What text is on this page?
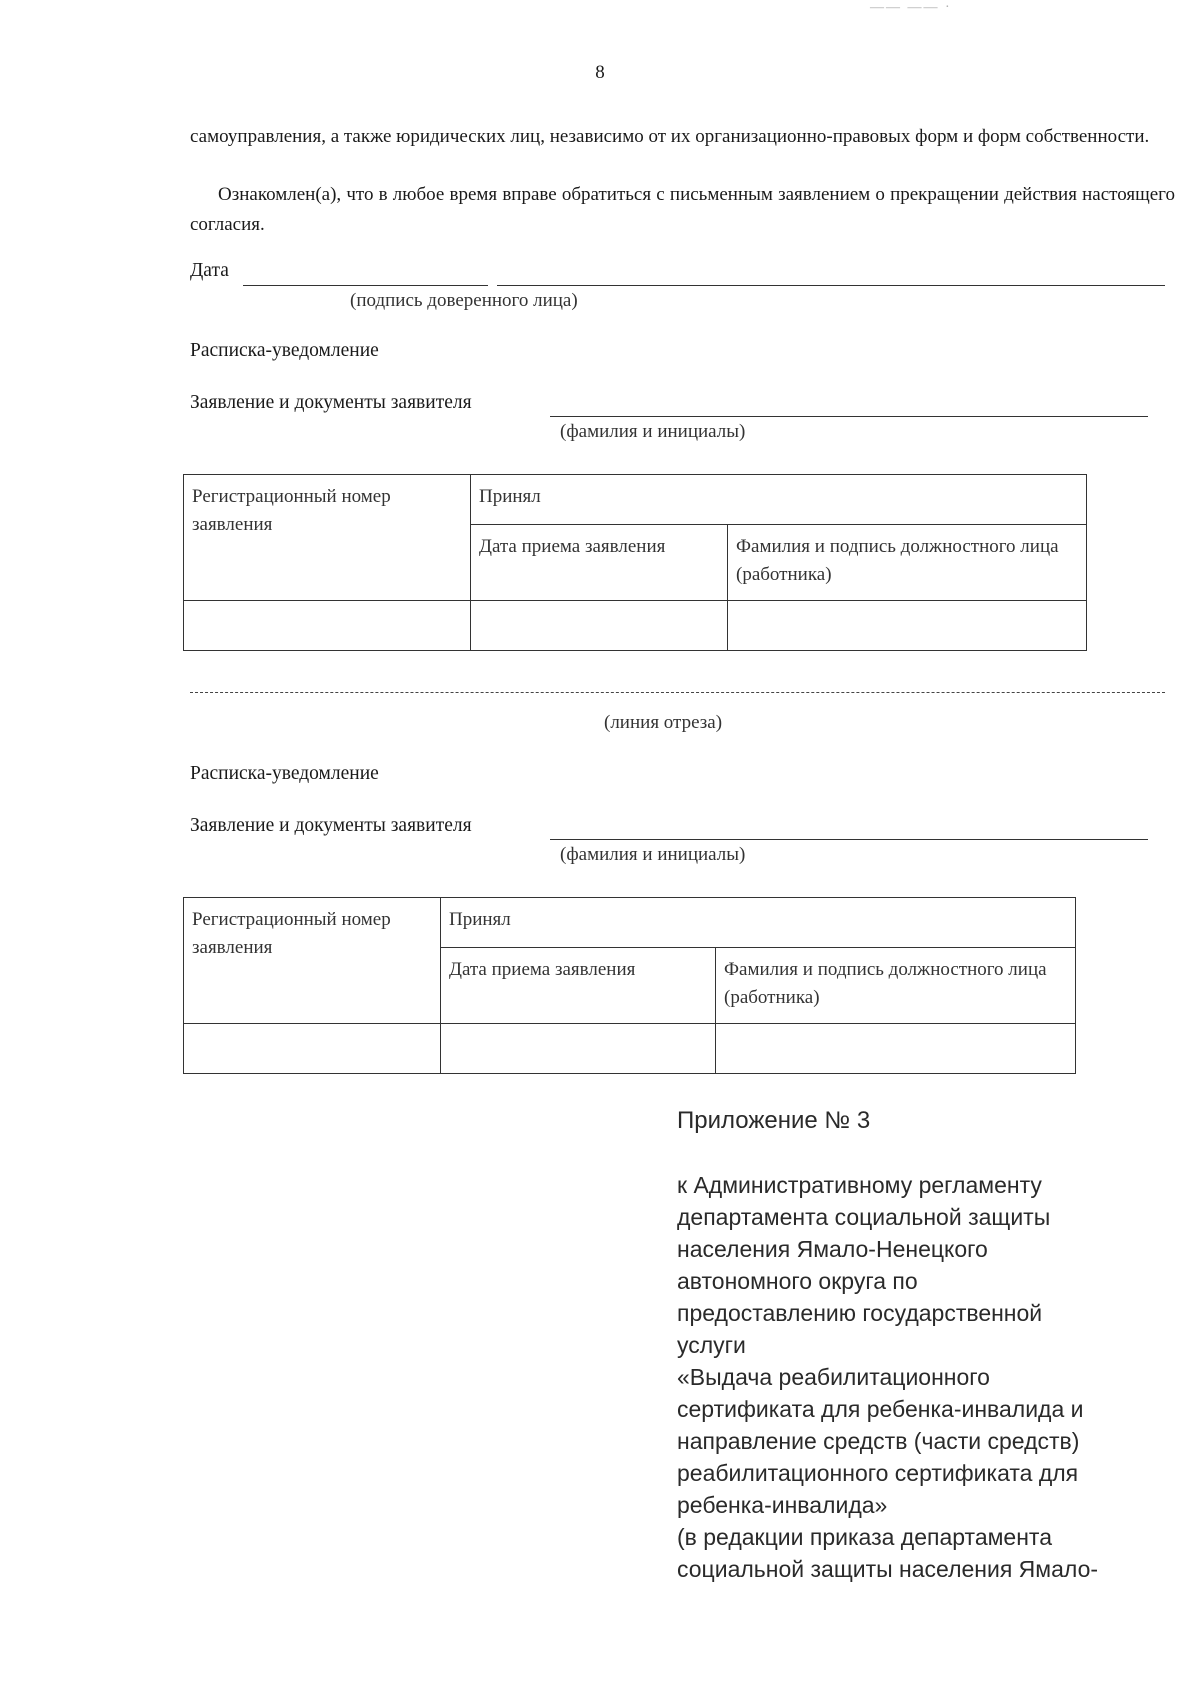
—— —— ·
8
самоуправления, а также юридических лиц, независимо от их организационно-правовых форм и форм собственности.
Ознакомлен(а), что в любое время вправе обратиться с письменным заявлением о прекращении действия настоящего согласия.
Дата
(подпись доверенного лица)
Расписка-уведомление
Заявление и документы заявителя
(фамилия и инициалы)
Регистрационный номер заявления	Принял	
	Дата приема заявления	Фамилия и подпись должностного лица (работника)

(линия отреза)
Расписка-уведомление
Заявление и документы заявителя
(фамилия и инициалы)
Регистрационный номер заявления	Принял	
	Дата приема заявления	Фамилия и подпись должностного лица (работника)

Приложение № 3
к Административному регламенту
департамента социальной защиты
населения Ямало-Ненецкого
автономного округа по
предоставлению государственной
услуги
«Выдача реабилитационного
сертификата для ребенка-инвалида и
направление средств (части средств)
реабилитационного сертификата для
ребенка-инвалида»
(в редакции приказа департамента
социальной защиты населения Ямало-
